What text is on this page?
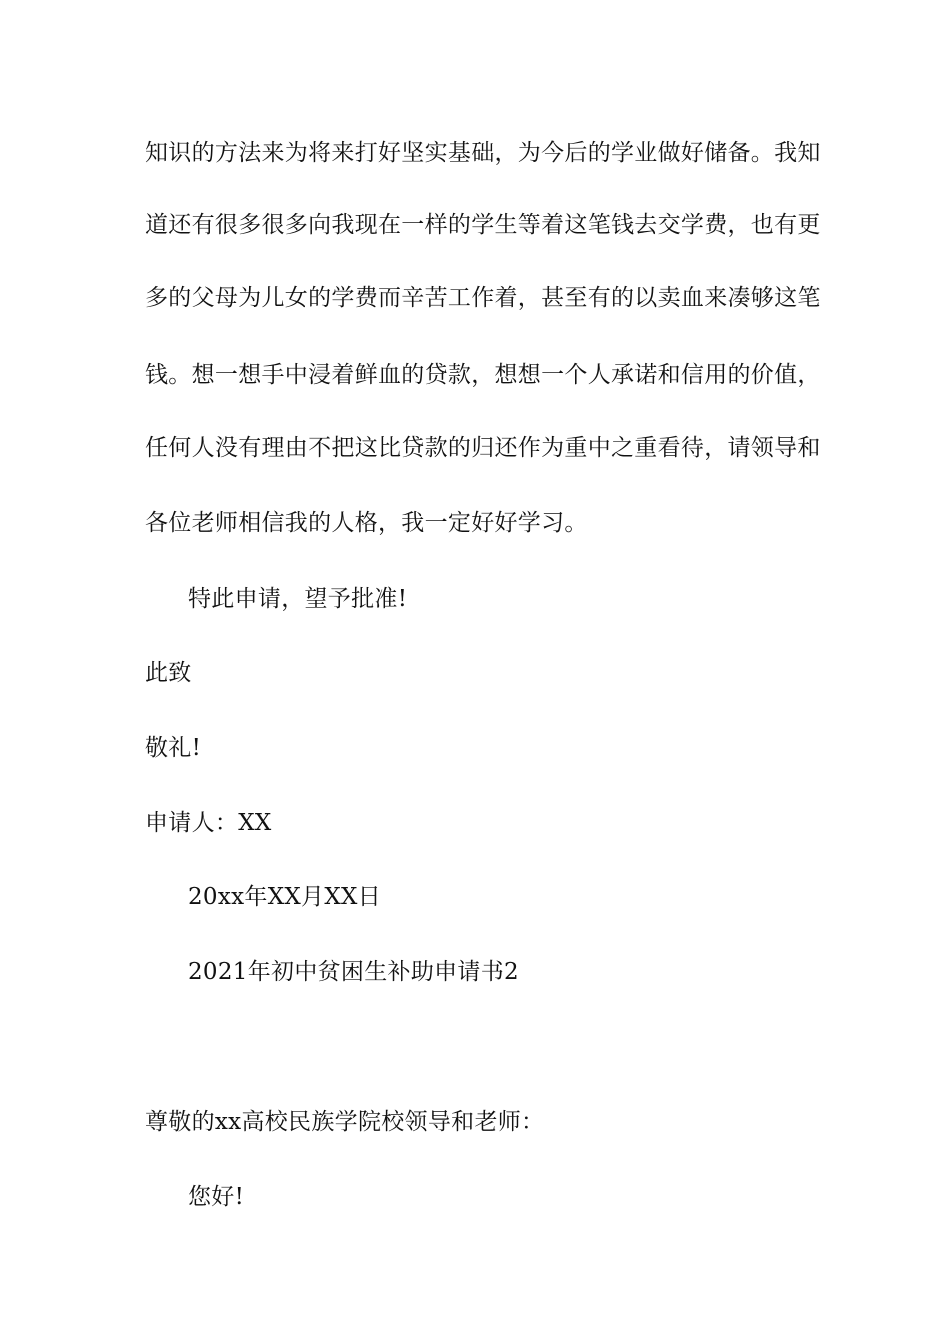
知识的方法来为将来打好坚实基础，为今后的学业做好储备。我知
道还有很多很多向我现在一样的学生等着这笔钱去交学费，也有更
多的父母为儿女的学费而辛苦工作着，甚至有的以卖血来凑够这笔
钱。想一想手中浸着鲜血的贷款，想想一个人承诺和信用的价值，
任何人没有理由不把这比贷款的归还作为重中之重看待，请领导和
各位老师相信我的人格，我一定好好学习。
特此申请，望予批准!
此致
敬礼!
申请人：XX
20xx年XX月XX日
2021年初中贫困生补助申请书2
尊敬的xx高校民族学院校领导和老师：
您好!
